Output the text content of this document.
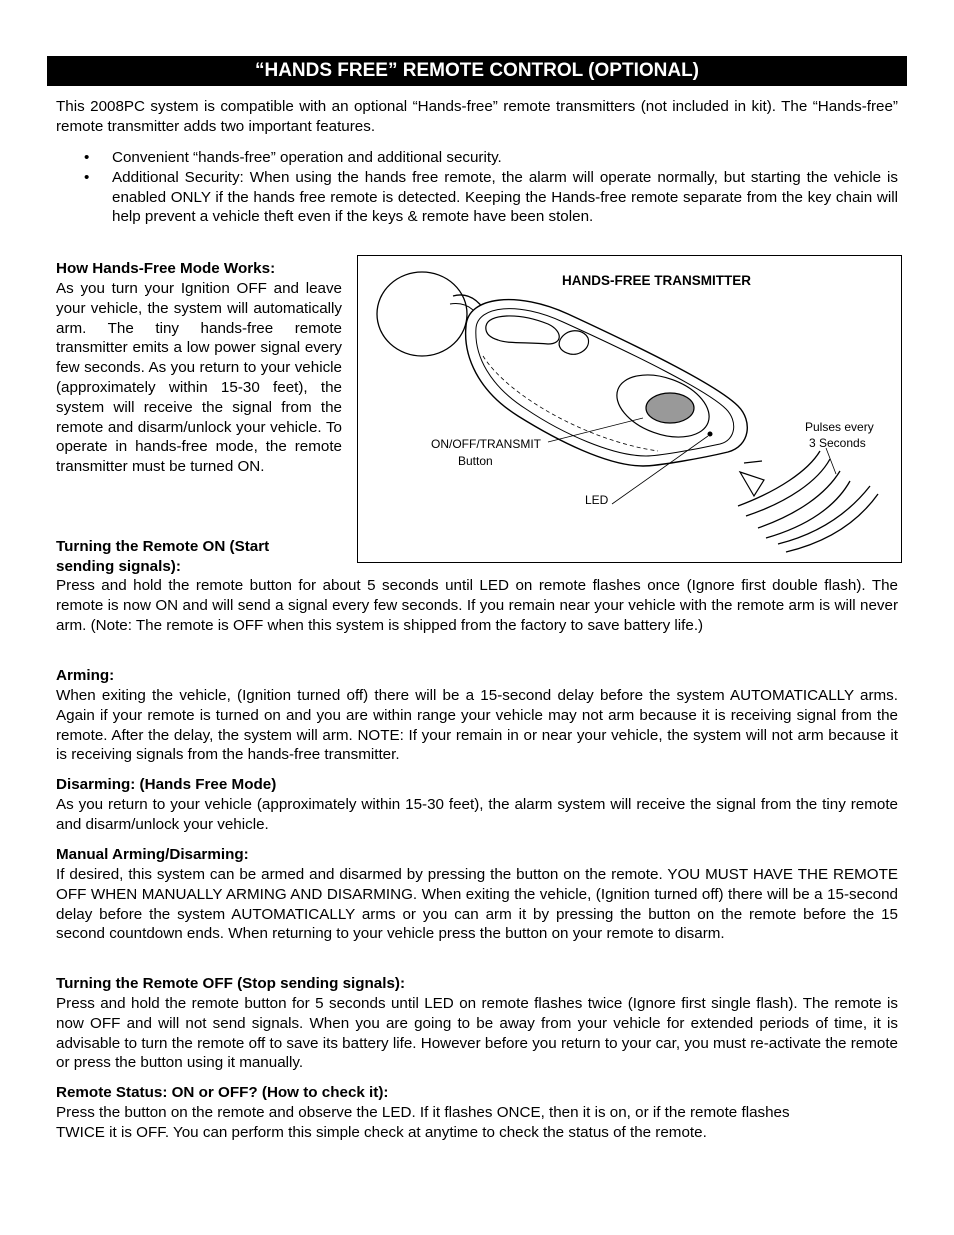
“HANDS FREE” REMOTE CONTROL (OPTIONAL)

This 2008PC system is compatible with an optional “Hands-free” remote transmitters (not included in kit). The “Hands-free” remote transmitter adds two important features.

• Convenient “hands-free” operation and additional security.
• Additional Security: When using the hands free remote, the alarm will operate normally, but starting the vehicle is enabled ONLY if the hands free remote is detected. Keeping the Hands-free remote separate from the key chain will help prevent a vehicle theft even if the keys & remote have been stolen.
How Hands-Free Mode Works:

As you turn your Ignition OFF and leave your vehicle, the system will automatically arm. The tiny hands-free remote transmitter emits a low power signal every few seconds. As you return to your vehicle (approximately within 15-30 feet), the system will receive the signal from the remote and disarm/unlock your vehicle. To operate in hands-free mode, the remote transmitter must be turned ON.

Turning the Remote ON (Start
sending signals):

Press and hold the remote button for about 5 seconds until LED on remote flashes once (Ignore first double flash). The remote is now ON and will send a signal every few seconds. If you remain near your vehicle with the remote arm is will never arm. (Note: The remote is OFF when this system is shipped from the factory to save battery life.)

HANDS-FREE TRANSMITTER
ON/OFF/TRANSMIT
Button
LED
Pulses every
3 Seconds
Arming:

When exiting the vehicle, (Ignition turned off) there will be a 15-second delay before the system AUTOMATICALLY arms. Again if your remote is turned on and you are within range your vehicle may not arm because it is receiving signal from the remote. After the delay, the system will arm. NOTE: If your remain in or near your vehicle, the system will not arm because it is receiving signals from the hands-free transmitter.

Disarming: (Hands Free Mode)

As you return to your vehicle (approximately within 15-30 feet), the alarm system will receive the signal from the tiny remote and disarm/unlock your vehicle.

Manual Arming/Disarming:

If desired, this system can be armed and disarmed by pressing the button on the remote. YOU MUST HAVE THE REMOTE OFF WHEN MANUALLY ARMING AND DISARMING. When exiting the vehicle, (Ignition turned off) there will be a 15-second delay before the system AUTOMATICALLY arms or you can arm it by pressing the button on the remote before the 15 second countdown ends. When returning to your vehicle press the button on your remote to disarm.

Turning the Remote OFF (Stop sending signals):

Press and hold the remote button for 5 seconds until LED on remote flashes twice (Ignore first single flash). The remote is now OFF and will not send signals. When you are going to be away from your vehicle for extended periods of time, it is advisable to turn the remote off to save its battery life. However before you return to your car, you must re-activate the remote or press the button using it manually.

Remote Status: ON or OFF? (How to check it):
Press the button on the remote and observe the LED. If it flashes ONCE, then it is on, or if the remote flashes
TWICE it is OFF. You can perform this simple check at anytime to check the status of the remote.
